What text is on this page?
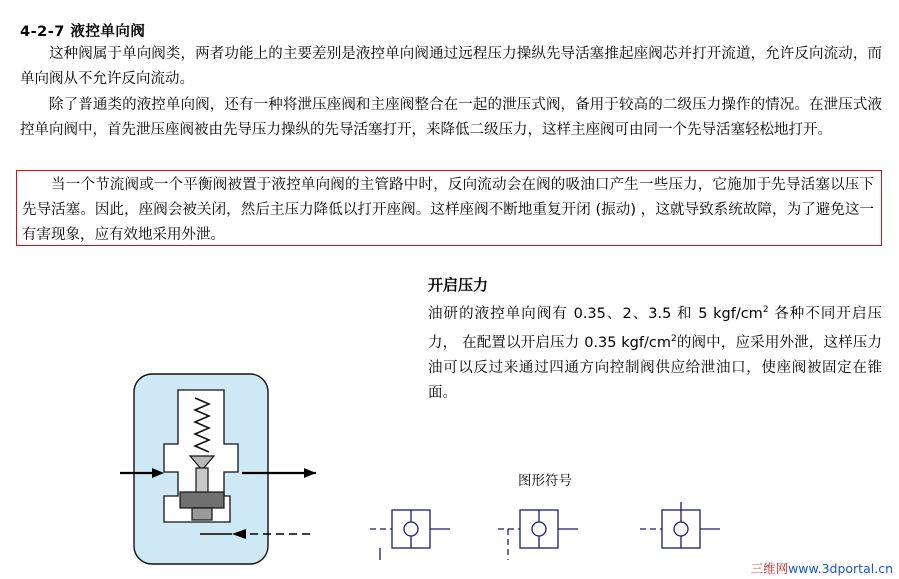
4-2-7 液控单向阀
这种阀属于单向阀类，两者功能上的主要差别是液控单向阀通过远程压力操纵先导活塞推起座阀芯并打开流道，允许反向流动，而单向阀从不允许反向流动。
除了普通类的液控单向阀，还有一种将泄压座阀和主座阀整合在一起的泄压式阀，备用于较高的二级压力操作的情况。在泄压式液控单向阀中，首先泄压座阀被由先导压力操纵的先导活塞打开，来降低二级压力，这样主座阀可由同一个先导活塞轻松地打开。
当一个节流阀或一个平衡阀被置于液控单向阀的主管路中时，反向流动会在阀的吸油口产生一些压力，它施加于先导活塞以压下先导活塞。因此，座阀会被关闭，然后主压力降低以打开座阀。这样座阀不断地重复开闭 (振动) ，这就导致系统故障，为了避免这一有害现象，应有效地采用外泄。
开启压力
油研的液控单向阀有 0.35、2、3.5 和 5 kgf/$cm^2$ 各种不同开启压力， 在配置以开启压力 0.35 kgf/$cm^2$的阀中，应采用外泄，这样压力油可以反过来通过四通方向控制阀供应给泄油口，使座阀被固定在锥面。
图形符号
三维网www.3dportal.cn
